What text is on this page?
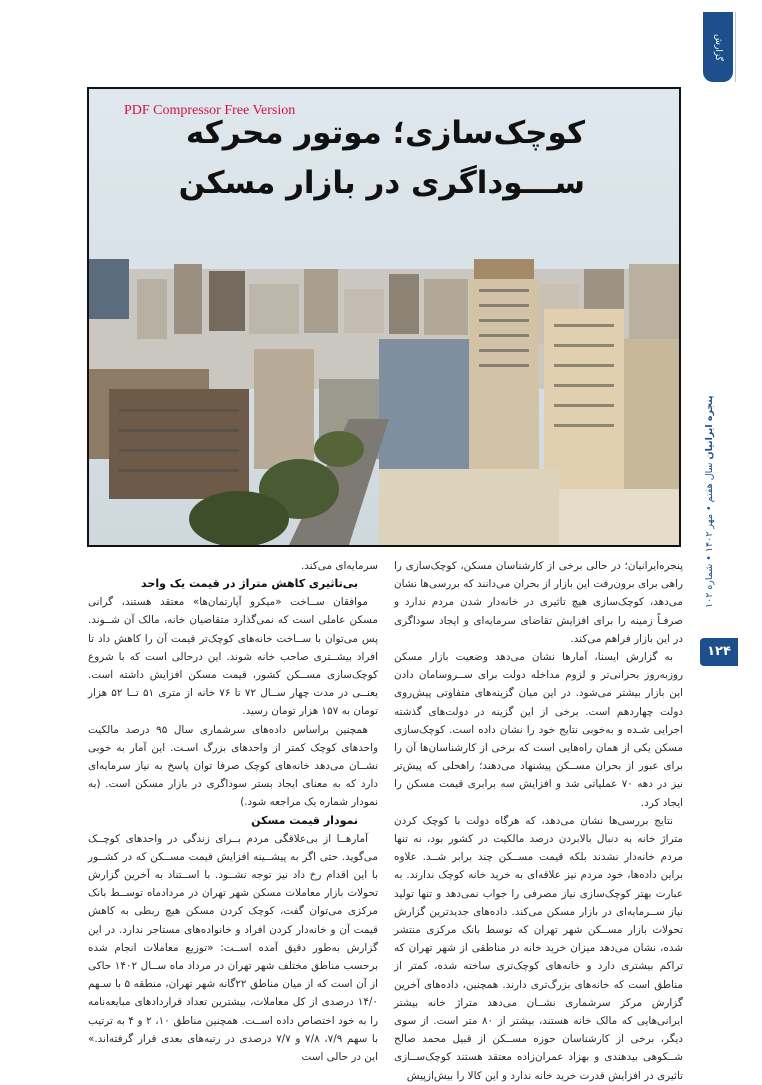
گزارش
PDF Compressor Free Version
کوچک‌سازی؛ موتور محرکه
ســـوداگری در بازار مسکن
پنجره ایرانیان سال هفتم • مهر ۱۴۰۲ • شماره ۱۰۲
۱۲۴

پنجره‌ایرانیان؛ در حالی برخی از کارشناسان مسکن، کوچک‌سازی را راهی برای برون‌رفت این بازار از بحران می‌دانند که بررسی‌ها نشان می‌دهد، کوچک‌سازی هیچ تاثیری در خانه‌دار شدن مردم ندارد و صرفـاً زمینه را برای افزایش تقاضای سرمایه‌ای و ایجاد سوداگری در این بازار فراهم می‌کند.

به گزارش ایسنا، آمارها نشان می‌دهد وضعیت بازار مسکن روزبه‌روز بحرانی‌تر و لزوم مداخله دولت برای ســروسامان دادن این بازار بیشتر می‌شود. در این میان گزینه‌های متفاوتی پیش‌روی دولت چهاردهم است. برخی از این گزینه در دولت‌های گذشته اجرایی شـده و به‌خوبی نتایج خود را نشان داده است. کوچک‌سازی مسکن یکی از همان راه‌هایی است که برخی از کارشناسان‌ها آن را برای عبور از بحران مســکن پیشنهاد می‌دهند؛ راهحلی که پیش‌تر نیز در دهه ۷۰ عملیاتی شد و افزایش سه برابری قیمت مسکن را ایجاد کرد.

نتایج بررسی‌ها نشان می‌دهد، که هرگاه دولت با کوچک کردن متراژ خانه به دنبال بالابردن درصد مالکیت در کشور بود، نه تنها مردم خانه‌دار نشدند بلکه قیمت مســکن چند برابر شــد. علاوه براین داده‌ها، خود مردم نیز علاقه‌ای به خرید خانه کوچک ندارند. به عبارت بهتر کوچک‌سازی نیاز مصرفی را جواب نمی‌دهد و تنها تولید نیاز ســرمایه‌ای در بازار مسکن می‌کند. داده‌های جدیدترین گزارش تحولات بازار مســکن شهر تهران که توسط بانک مرکزی منتشر شده، نشان می‌دهد میزان خرید خانه در مناطقی از شهر تهران که تراکم بیشتری دارد و خانه‌های کوچک‌تری ساخته شده، کمتر از مناطق است که خانه‌های بزرگ‌تری دارند. همچنین، داده‌های آخرین گزارش مرکز سرشماری نشــان می‌دهد متراژ خانه بیشتر ایرانی‌هایی که مالک خانه هستند، بیشتر از ۸۰ متر است. از سوی دیگر، برخی از کارشناسان حوزه مســکن از قبیل محمد صالح شــکوهی بیدهندی و بهزاد عمران‌زاده معتقد هستند کوچک‌ســازی تاثیری در افزایش قدرت خرید خانه ندارد و این کالا را بیش‌ازپیش

سرمایه‌ای می‌کند.

بی‌تاثیری کاهش متراژ در قیمت یک واحد

موافقان ســاخت «میکرو آپارتمان‌ها» معتقد هستند، گرانی مسکن عاملی است که نمی‌گذارد متقاضیان خانه، مالک آن شــوند. پس می‌توان با ســاخت خانه‌های کوچک‌تر قیمت آن را کاهش داد تا افراد بیشــتری صاحب خانه شوند. این درحالی است که با شروع کوچک‌سازی مســکن کشور، قیمت مسکن افزایش داشته است. یعنــی در مدت چهار ســال ۷۲ تا ۷۶ خانه از متری ۵۱ تــا ۵۲ هزار تومان به ۱۵۷ هزار تومان رسید.

همچنین براساس داده‌های سرشماری سال ۹۵ درصد مالکیت واحدهای کوچک کمتر از واحدهای بزرگ اسـت. این آمار به خوبی نشــان می‌دهد خانه‌های کوچک صرفا توان پاسخ به نیاز سرمایه‌ای دارد که به معنای ایجاد بستر سوداگری در بازار مسکن است. (به نمودار شماره یک مراجعه شود.)

نمودار قیمت مسکن

آمارهــا از بی‌علاقگی مردم بــرای زندگی در واحدهای کوچــک می‌گوید. حتی اگر به پیشــینه افزایش قیمت مســکن که در کشــور با این اقدام رخ داد نیز توجه نشــود. با اســتناد به آخرین گزارش تحولات بازار معاملات مسکن شهر تهران در مردادماه توســط بانک مرکزی می‌توان گفت، کوچک کردن مسکن هیچ ربطی به کاهش قیمت آن و خانه‌دار کردن افراد و خانواده‌های مستاجر ندارد. در این گزارش به‌طور دقیق آمده اســت: «توزیع معاملات انجام شده برحسب مناطق مختلف شهر تهران در مرداد ماه ســال ۱۴۰۲ حاکی از آن است که از میان مناطق ۲۲گانه شهر تهران، منطقه ۵ با سـهم ۱۴/۰ درصدی از کل معاملات، بیشترین تعداد قراردادهای مبایعه‌نامه را به خود اختصاص داده اســت. همچنین مناطق ۱۰، ۲ و ۴ به ترتیب با سهم ۷/۹، ۷/۸ و ۷/۷ درصدی در رتبه‌های بعدی قرار گرفته‌اند.» این در حالی است
